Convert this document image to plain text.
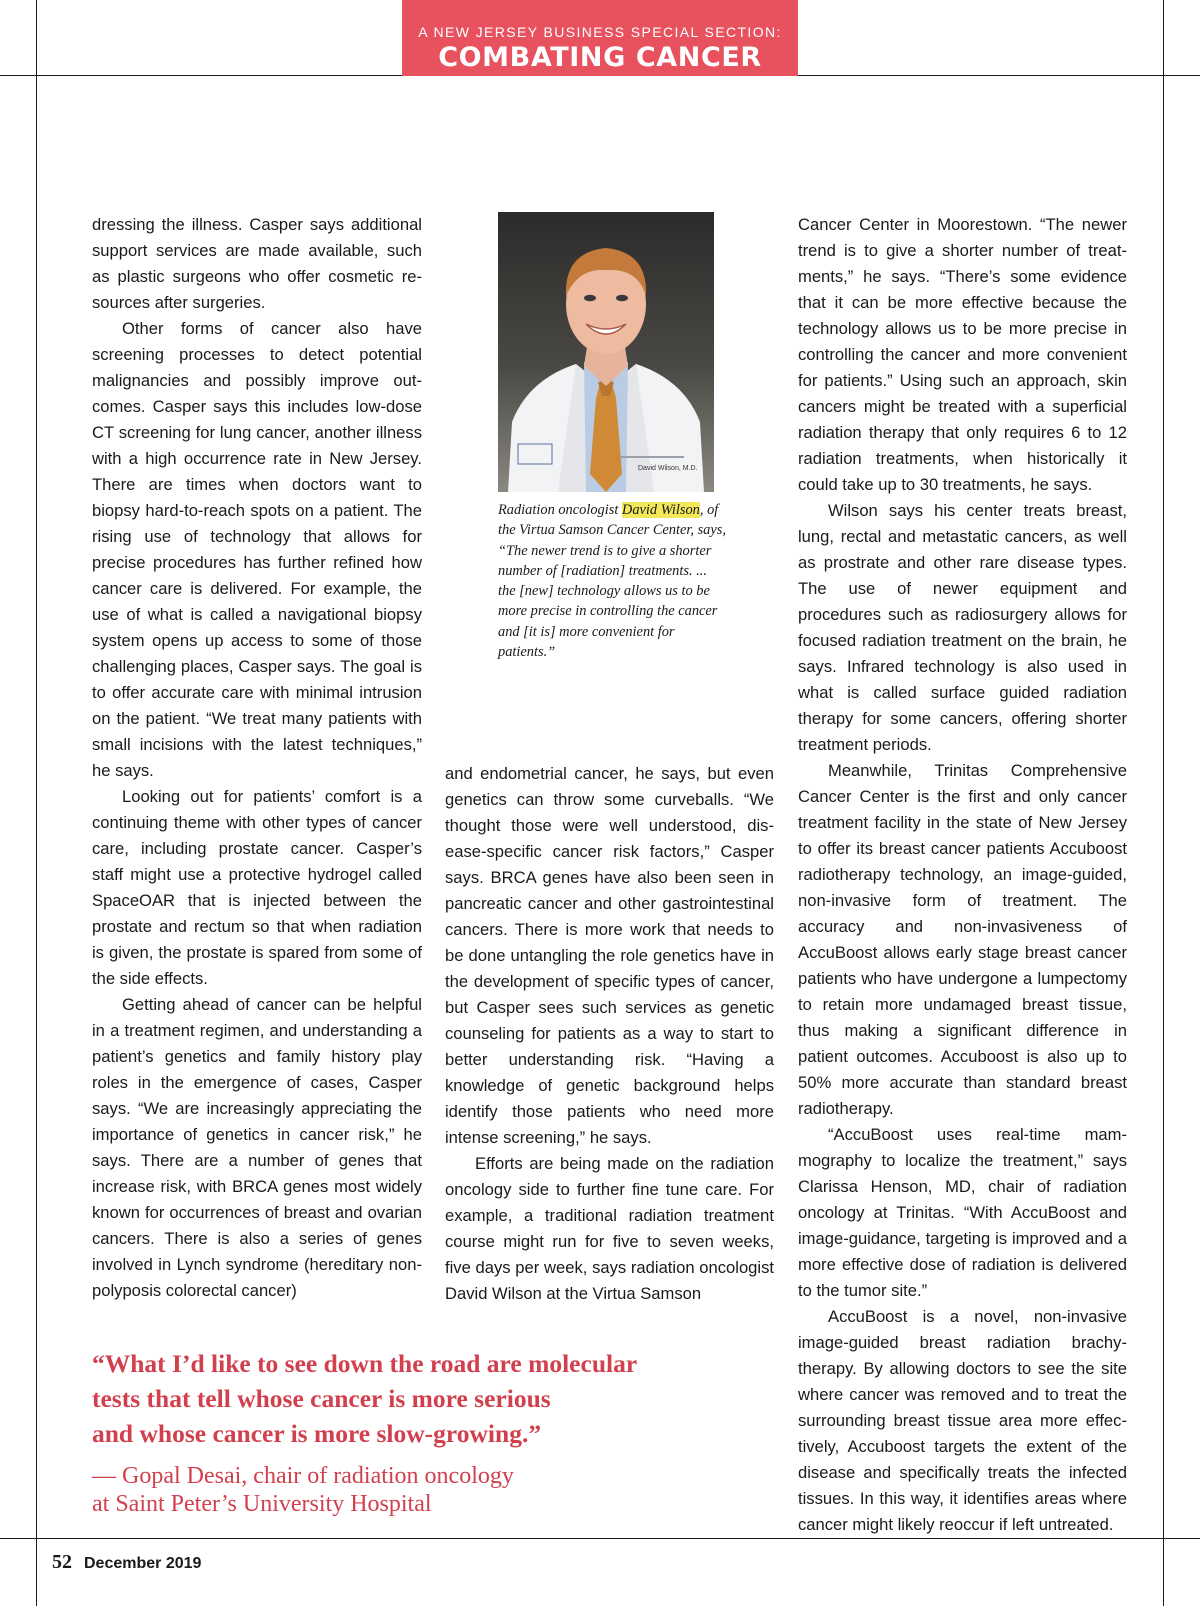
A NEW JERSEY BUSINESS SPECIAL SECTION:
COMBATING CANCER

dressing the illness. Casper says additional support services are made available, such as plastic surgeons who offer cosmetic resources after surgeries.

Other forms of cancer also have screening processes to detect potential malignancies and possibly improve outcomes. Casper says this includes low-dose CT screening for lung cancer, another illness with a high occurrence rate in New Jersey. There are times when doctors want to biopsy hard-to-reach spots on a patient. The rising use of technology that allows for precise procedures has further refined how cancer care is delivered. For example, the use of what is called a navigational biopsy system opens up access to some of those challenging places, Casper says. The goal is to offer accurate care with minimal intrusion on the patient. “We treat many patients with small incisions with the latest techniques,” he says.

Looking out for patients’ comfort is a continuing theme with other types of cancer care, including prostate cancer. Casper’s staff might use a protective hydrogel called SpaceOAR that is injected between the prostate and rectum so that when radiation is given, the prostate is spared from some of the side effects.

Getting ahead of cancer can be helpful in a treatment regimen, and understanding a patient’s genetics and family history play roles in the emergence of cases, Casper says. “We are increasingly appreciating the importance of genetics in cancer risk,” he says. There are a number of genes that increase risk, with BRCA genes most widely known for occurrences of breast and ovarian cancers. There is also a series of genes involved in Lynch syndrome (hereditary non-polyposis colorectal cancer)

David Wilson, M.D.
Radiation oncologist David Wilson, of the Virtua Samson Cancer Center, says, “The newer trend is to give a shorter number of [radiation] treatments. ... the [new] technology allows us to be more precise in controlling the cancer and [it is] more convenient for patients.”

and endometrial cancer, he says, but even genetics can throw some curveballs. “We thought those were well understood, disease-specific cancer risk factors,” Casper says. BRCA genes have also been seen in pancreatic cancer and other gastrointestinal cancers. There is more work that needs to be done untangling the role genetics have in the development of specific types of cancer, but Casper sees such services as genetic counseling for patients as a way to start to better understanding risk. “Having a knowledge of genetic background helps identify those patients who need more intense screening,” he says.

Efforts are being made on the radiation oncology side to further fine tune care. For example, a traditional radiation treatment course might run for five to seven weeks, five days per week, says radiation oncologist David Wilson at the Virtua Samson

Cancer Center in Moorestown. “The newer trend is to give a shorter number of treatments,” he says. “There’s some evidence that it can be more effective because the technology allows us to be more precise in controlling the cancer and more convenient for patients.” Using such an approach, skin cancers might be treated with a superficial radiation therapy that only requires 6 to 12 radiation treatments, when historically it could take up to 30 treatments, he says.

Wilson says his center treats breast, lung, rectal and metastatic cancers, as well as prostrate and other rare disease types. The use of newer equipment and procedures such as radiosurgery allows for focused radiation treatment on the brain, he says. Infrared technology is also used in what is called surface guided radiation therapy for some cancers, offering shorter treatment periods.

Meanwhile, Trinitas Comprehensive Cancer Center is the first and only cancer treatment facility in the state of New Jersey to offer its breast cancer patients Accuboost radiotherapy technology, an image-guided, non-invasive form of treatment. The accuracy and non-invasiveness of AccuBoost allows early stage breast cancer patients who have undergone a lumpectomy to retain more undamaged breast tissue, thus making a significant difference in patient outcomes. Accuboost is also up to 50% more accurate than standard breast radiotherapy.

“AccuBoost uses real-time mammography to localize the treatment,” says Clarissa Henson, MD, chair of radiation oncology at Trinitas. “With AccuBoost and image-guidance, targeting is improved and a more effective dose of radiation is delivered to the tumor site.”

AccuBoost is a novel, non-invasive image-guided breast radiation brachytherapy. By allowing doctors to see the site where cancer was removed and to treat the surrounding breast tissue area more effectively, Accuboost targets the extent of the disease and specifically treats the infected tissues. In this way, it identifies areas where cancer might likely reoccur if left untreated.

“What I’d like to see down the road are molecular
tests that tell whose cancer is more serious
and whose cancer is more slow-growing.”
— Gopal Desai, chair of radiation oncology
at Saint Peter’s University Hospital
52 December 2019
